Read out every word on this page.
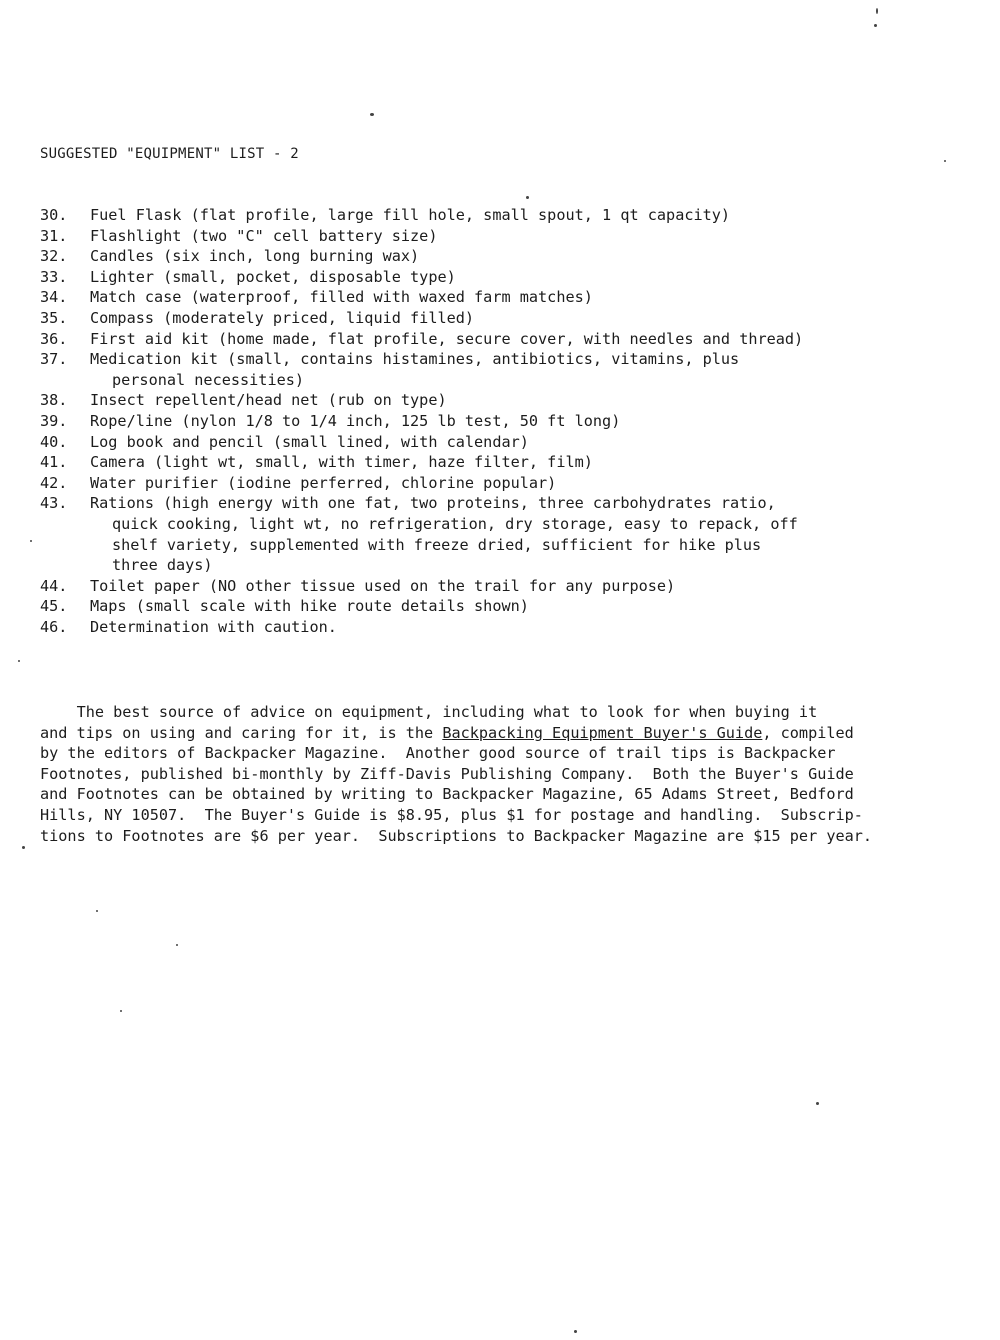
SUGGESTED "EQUIPMENT" LIST - 2
30.	Fuel Flask (flat profile, large fill hole, small spout, 1 qt capacity)
31.	Flashlight (two "C" cell battery size)
32.	Candles (six inch, long burning wax)
33.	Lighter (small, pocket, disposable type)
34.	Match case (waterproof, filled with waxed farm matches)
35.	Compass (moderately priced, liquid filled)
36.	First aid kit (home made, flat profile, secure cover, with needles and thread)
37.	Medication kit (small, contains histamines, antibiotics, vitamins, plus
personal necessities)
38.	Insect repellent/head net (rub on type)
39.	Rope/line (nylon 1/8 to 1/4 inch, 125 lb test, 50 ft long)
40.	Log book and pencil (small lined, with calendar)
41.	Camera (light wt, small, with timer, haze filter, film)
42.	Water purifier (iodine perferred, chlorine popular)
43.	Rations (high energy with one fat, two proteins, three carbohydrates ratio,
quick cooking, light wt, no refrigeration, dry storage, easy to repack, off
shelf variety, supplemented with freeze dried, sufficient for hike plus
three days)
44.	Toilet paper (NO other tissue used on the trail for any purpose)
45.	Maps (small scale with hike route details shown)
46.	Determination with caution.

The best source of advice on equipment, including what to look for when buying it
and tips on using and caring for it, is the Backpacking Equipment Buyer's Guide, compiled
by the editors of Backpacker Magazine.  Another good source of trail tips is Backpacker
Footnotes, published bi-monthly by Ziff-Davis Publishing Company.  Both the Buyer's Guide
and Footnotes can be obtained by writing to Backpacker Magazine, 65 Adams Street, Bedford
Hills, NY 10507.  The Buyer's Guide is $8.95, plus $1 for postage and handling.  Subscrip-
tions to Footnotes are $6 per year.  Subscriptions to Backpacker Magazine are $15 per year.
